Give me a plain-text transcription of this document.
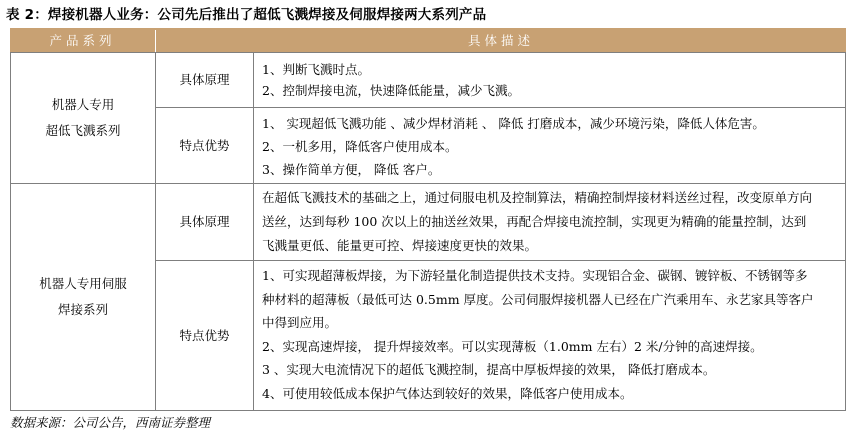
表 2：焊接机器人业务：公司先后推出了超低飞溅焊接及伺服焊接两大系列产品
产品系列	具体描述
机器人专用
超低飞溅系列
具体原理

1、判断飞溅时点。

2、控制焊接电流，快速降低能量，减少飞溅。

特点优势

1、 实现超低飞溅功能 、减少焊材消耗 、 降低 打磨成本，减少环境污染，降低人体危害。

2、一机多用，降低客户使用成本。

3、操作简单方便， 降低 客户。

机器人专用伺服
焊接系列
具体原理

在超低飞溅技术的基础之上，通过伺服电机及控制算法，精确控制焊接材料送丝过程，改变原单方向

送丝，达到每秒 100 次以上的抽送丝效果，再配合焊接电流控制，实现更为精确的能量控制，达到

飞溅量更低、能量更可控、焊接速度更快的效果。

特点优势

1、可实现超薄板焊接，为下游轻量化制造提供技术支持。实现铝合金、碳钢、镀锌板、不锈钢等多

种材料的超薄板（最低可达 0.5mm 厚度。公司伺服焊接机器人已经在广汽乘用车、永艺家具等客户

中得到应用。

2、实现高速焊接， 提升焊接效率。可以实现薄板（1.0mm 左右）2 米/分钟的高速焊接。

3 、实现大电流情况下的超低飞溅控制，提高中厚板焊接的效果， 降低打磨成本。

4、可使用较低成本保护气体达到较好的效果，降低客户使用成本。

数据来源：公司公告，西南证券整理
